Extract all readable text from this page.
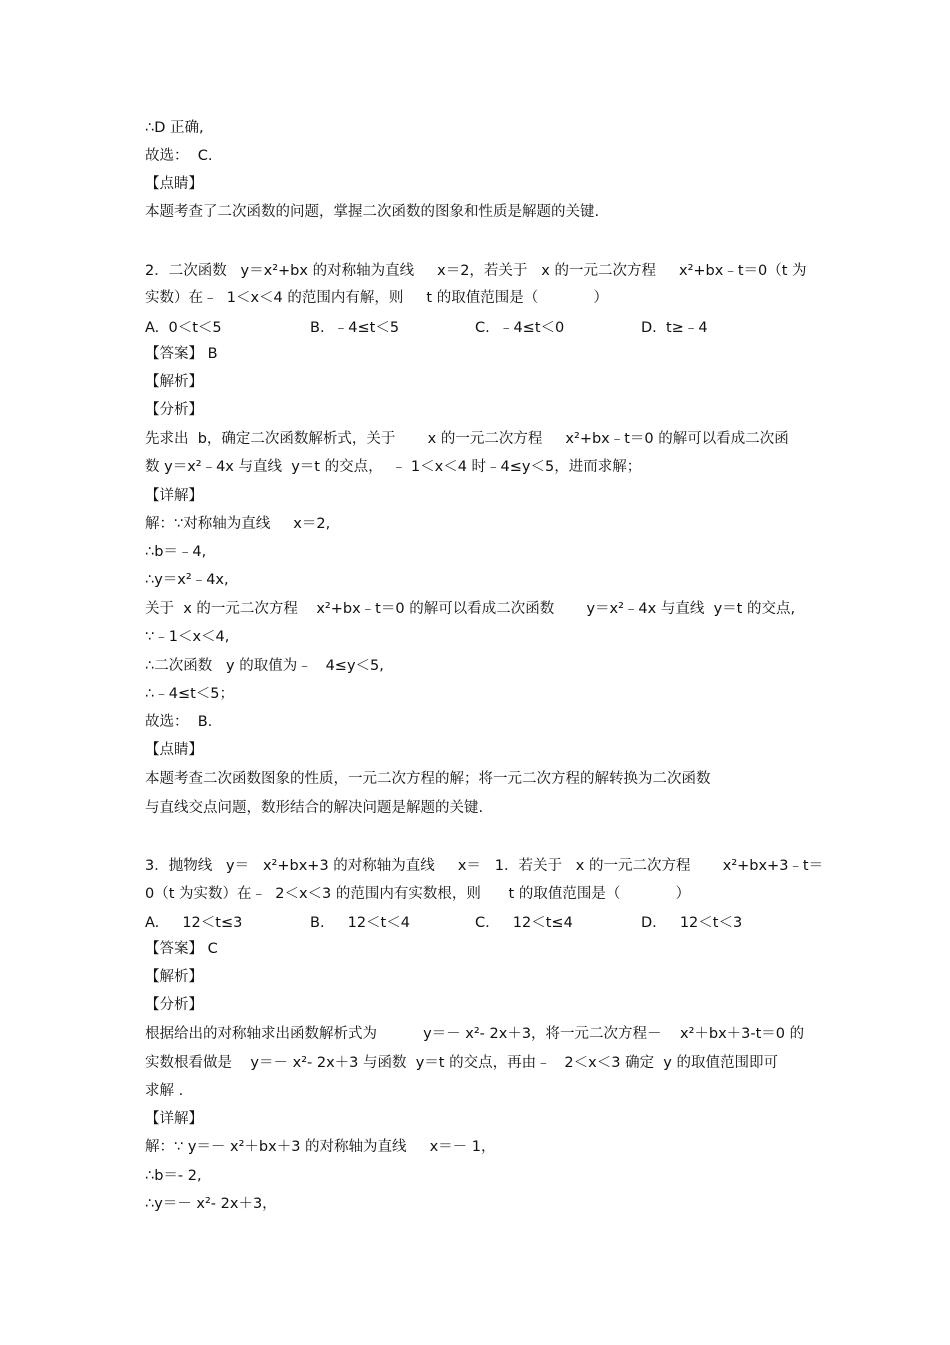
∴D 正确,
故选：  C.
【点睛】
本题考查了二次函数的问题，掌握二次函数的图象和性质是解题的关键.
2．二次函数   y＝x²+bx 的对称轴为直线     x＝2，若关于   x 的一元二次方程     x²+bx﹣t＝0（t 为
实数）在﹣  1＜x＜4 的范围内有解，则     t 的取值范围是（            ）
A.  0＜t＜5	B.  ﹣4≤t＜5	C.  ﹣4≤t＜0	D.  t≥﹣4
【答案】 B
【解析】
【分析】
先求出  b，确定二次函数解析式，关于       x 的一元二次方程     x²+bx﹣t＝0 的解可以看成二次函
数 y＝x²﹣4x 与直线  y＝t 的交点，  ﹣ 1＜x＜4 时﹣4≤y＜5，进而求解；
【详解】
解：∵对称轴为直线     x＝2,
∴b＝﹣4,
∴y＝x²﹣4x,
关于  x 的一元二次方程    x²+bx﹣t＝0 的解可以看成二次函数       y＝x²﹣4x 与直线  y＝t 的交点,
∵﹣1＜x＜4,
∴二次函数   y 的取值为﹣   4≤y＜5,
∴﹣4≤t＜5；
故选：  B.
【点睛】
本题考查二次函数图象的性质，一元二次方程的解；将一元二次方程的解转换为二次函数
与直线交点问题，数形结合的解决问题是解题的关键.
3．抛物线   y＝   x²+bx+3 的对称轴为直线     x＝   1．若关于   x 的一元二次方程       x²+bx+3﹣t＝
0（t 为实数）在﹣  2＜x＜3 的范围内有实数根，则      t 的取值范围是（            ）
A.     12＜t≤3	B.     12＜t＜4	C.     12＜t≤4	D.     12＜t＜3
【答案】 C
【解析】
【分析】
根据给出的对称轴求出函数解析式为          y＝－ x²- 2x＋3，将一元二次方程－    x²＋bx＋3-t＝0 的
实数根看做是    y＝－ x²- 2x＋3 与函数  y＝t 的交点，再由﹣   2＜x＜3 确定  y 的取值范围即可
求解 .
【详解】
解：∵ y＝－ x²＋bx＋3 的对称轴为直线     x＝－ 1，
∴b＝- 2,
∴y＝－ x²- 2x＋3，
